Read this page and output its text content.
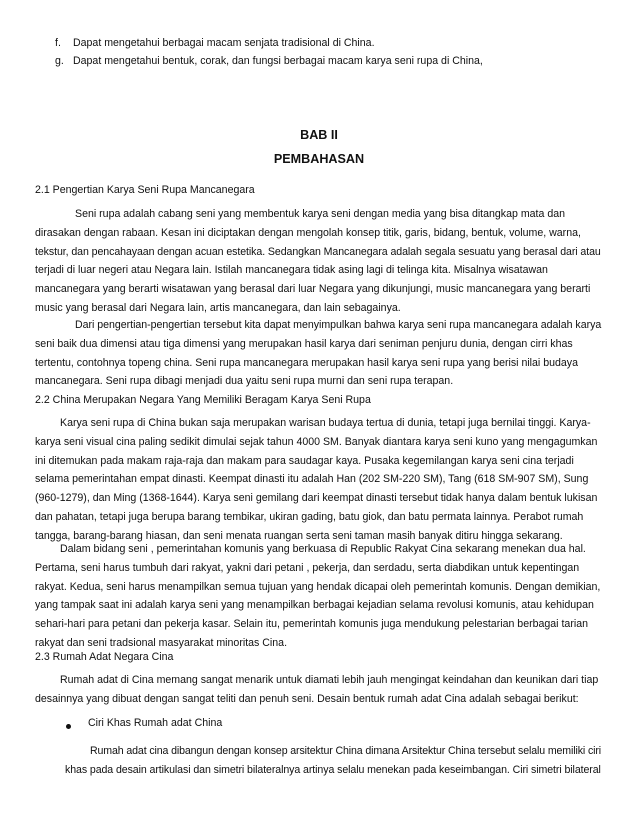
f. Dapat mengetahui berbagai macam senjata tradisional di China.
g. Dapat mengetahui bentuk, corak, dan fungsi berbagai macam karya seni rupa di China,
BAB II
PEMBAHASAN
2.1 Pengertian Karya Seni Rupa Mancanegara
Seni rupa adalah cabang seni yang membentuk karya seni dengan media yang bisa ditangkap mata dan
dirasakan dengan rabaan. Kesan ini diciptakan dengan mengolah konsep titik, garis, bidang, bentuk, volume, warna,
tekstur, dan pencahayaan dengan acuan estetika. Sedangkan Mancanegara adalah segala sesuatu yang berasal dari atau
terjadi di luar negeri atau Negara lain. Istilah mancanegara tidak asing lagi di telinga kita. Misalnya wisatawan
mancanegara yang berarti wisatawan yang berasal dari luar Negara yang dikunjungi, music mancanegara yang berarti
music yang berasal dari Negara lain, artis mancanegara, dan lain sebagainya.
Dari pengertian-pengertian tersebut kita dapat menyimpulkan bahwa karya seni rupa mancanegara adalah karya
seni baik dua dimensi atau tiga dimensi yang merupakan hasil karya dari seniman penjuru dunia, dengan cirri khas
tertentu, contohnya topeng china. Seni rupa mancanegara merupakan hasil karya seni rupa yang berisi nilai budaya
mancanegara. Seni rupa dibagi menjadi dua yaitu seni rupa murni dan seni rupa terapan.
2.2 China Merupakan Negara Yang Memiliki Beragam Karya Seni Rupa
Karya seni rupa di China bukan saja merupakan warisan budaya tertua di dunia, tetapi juga bernilai tinggi. Karya-
karya seni visual cina paling sedikit dimulai sejak tahun 4000 SM. Banyak diantara karya seni kuno yang mengagumkan
ini ditemukan pada makam raja-raja dan makam para saudagar kaya. Pusaka kegemilangan karya seni cina terjadi
selama pemerintahan empat dinasti. Keempat dinasti itu adalah Han (202 SM-220 SM), Tang (618 SM-907 SM), Sung
(960-1279), dan Ming (1368-1644). Karya seni gemilang dari keempat dinasti tersebut tidak hanya dalam bentuk lukisan
dan pahatan, tetapi juga berupa barang tembikar, ukiran gading, batu giok, dan batu permata lainnya. Perabot rumah
tangga, barang-barang hiasan, dan seni menata ruangan serta seni taman masih banyak ditiru hingga sekarang.
Dalam bidang seni , pemerintahan komunis yang berkuasa di Republic Rakyat Cina sekarang menekan dua hal.
Pertama, seni harus tumbuh dari rakyat, yakni dari petani , pekerja, dan serdadu, serta diabdikan untuk kepentingan
rakyat. Kedua, seni harus menampilkan semua tujuan yang hendak dicapai oleh pemerintah komunis. Dengan demikian,
yang tampak saat ini adalah karya seni yang menampilkan berbagai kejadian selama revolusi komunis, atau kehidupan
sehari-hari para petani dan pekerja kasar. Selain itu, pemerintah komunis juga mendukung pelestarian berbagai tarian
rakyat dan seni tradsional masyarakat minoritas Cina.
2.3 Rumah Adat Negara Cina
Rumah adat di Cina memang sangat menarik untuk diamati lebih jauh mengingat keindahan dan keunikan dari tiap
desainnya yang dibuat dengan sangat teliti dan penuh seni. Desain bentuk rumah adat Cina adalah sebagai berikut:
Ciri Khas Rumah adat China
Rumah adat cina dibangun dengan konsep arsitektur China dimana Arsitektur China tersebut selalu memiliki ciri
khas pada desain artikulasi dan simetri bilateralnya artinya selalu menekan pada keseimbangan. Ciri simetri bilateral
